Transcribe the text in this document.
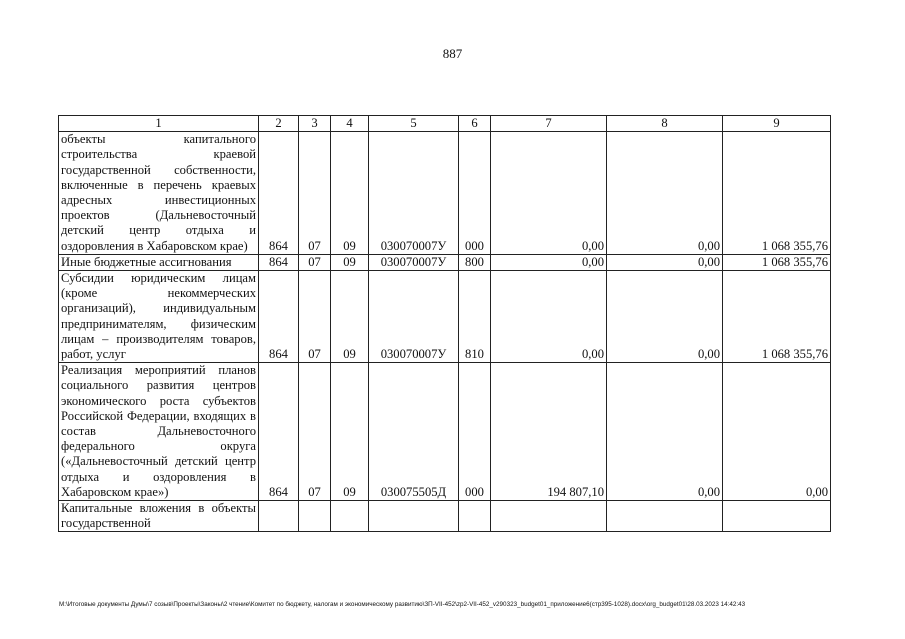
887
1	2	3	4	5	6	7	8	9
объекты капитального строительства краевой государственной собственности, включенные в перечень краевых адресных инвестиционных проектов (Дальневосточный детский центр отдыха и оздоровления в Хабаровском крае)	864	07	09	030070007У	000	0,00	0,00	1 068 355,76
Иные бюджетные ассигнования	864	07	09	030070007У	800	0,00	0,00	1 068 355,76
Субсидии юридическим лицам (кроме некоммерческих организаций), индивидуальным предпринимателям, физическим лицам – производителям товаров, работ, услуг	864	07	09	030070007У	810	0,00	0,00	1 068 355,76
Реализация мероприятий планов социального развития центров экономического роста субъектов Российской Федерации, входящих в состав Дальневосточного федерального округа («Дальневосточный детский центр отдыха и оздоровления в Хабаровском крае»)	864	07	09	030075505Д	000	194 807,10	0,00	0,00
Капитальные вложения в объекты государственной								
M:\Итоговые документы Думы\7 созыв\Проекты\Законы\2 чтение\Комитет по бюджету, налогам и экономическому развитию\ЗП-VII-452\zp2-VII-452_v290323_budget01_приложение6(стр395-1028).docx\org_budget01\28.03.2023 14:42:43
